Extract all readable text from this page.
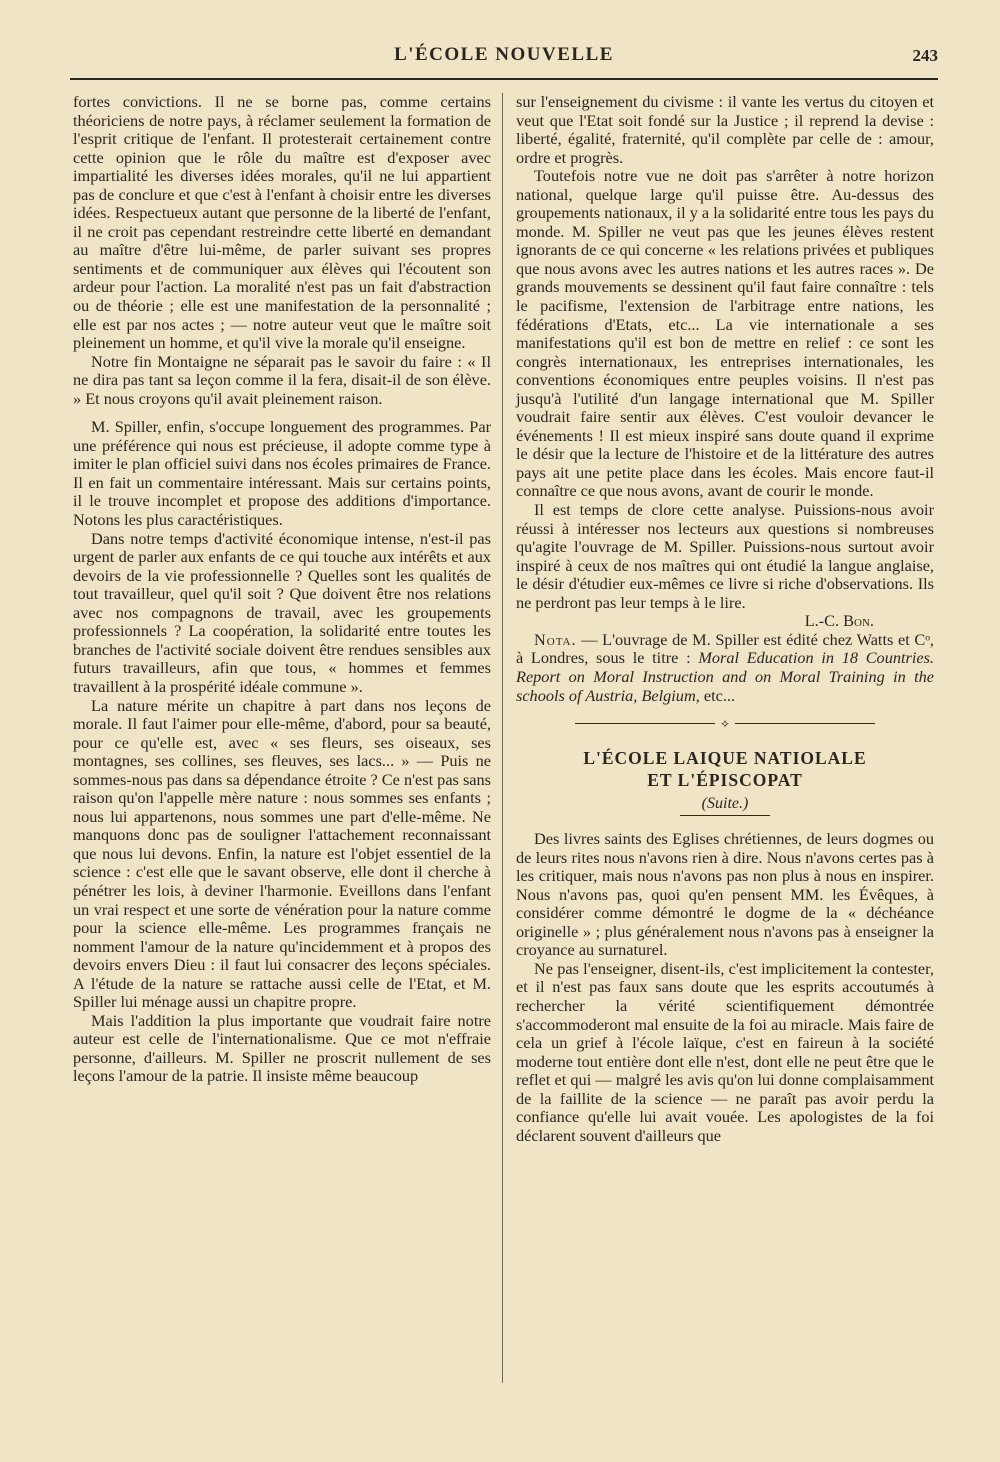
L'ÉCOLE NOUVELLE	243

fortes convictions. Il ne se borne pas, comme certains théoriciens de notre pays, à réclamer seulement la formation de l'esprit critique de l'enfant. Il protesterait certainement contre cette opinion que le rôle du maître est d'exposer avec impartialité les diverses idées morales, qu'il ne lui appartient pas de conclure et que c'est à l'enfant à choisir entre les diverses idées. Respectueux autant que personne de la liberté de l'enfant, il ne croit pas cependant restreindre cette liberté en demandant au maître d'être lui-même, de parler suivant ses propres sentiments et de communiquer aux élèves qui l'écoutent son ardeur pour l'action. La moralité n'est pas un fait d'abstraction ou de théorie ; elle est une manifestation de la personnalité ; elle est par nos actes ; — notre auteur veut que le maître soit pleinement un homme, et qu'il vive la morale qu'il enseigne.

Notre fin Montaigne ne séparait pas le savoir du faire : « Il ne dira pas tant sa leçon comme il la fera, disait-il de son élève. » Et nous croyons qu'il avait pleinement raison.

M. Spiller, enfin, s'occupe longuement des programmes. Par une préférence qui nous est précieuse, il adopte comme type à imiter le plan officiel suivi dans nos écoles primaires de France. Il en fait un commentaire intéressant. Mais sur certains points, il le trouve incomplet et propose des additions d'importance. Notons les plus caractéristiques.

Dans notre temps d'activité économique intense, n'est-il pas urgent de parler aux enfants de ce qui touche aux intérêts et aux devoirs de la vie professionnelle ? Quelles sont les qualités de tout travailleur, quel qu'il soit ? Que doivent être nos relations avec nos compagnons de travail, avec les groupements professionnels ? La coopération, la solidarité entre toutes les branches de l'activité sociale doivent être rendues sensibles aux futurs travailleurs, afin que tous, « hommes et femmes travaillent à la prospérité idéale commune ».

La nature mérite un chapitre à part dans nos leçons de morale. Il faut l'aimer pour elle-même, d'abord, pour sa beauté, pour ce qu'elle est, avec « ses fleurs, ses oiseaux, ses montagnes, ses collines, ses fleuves, ses lacs... » — Puis ne sommes-nous pas dans sa dépendance étroite ? Ce n'est pas sans raison qu'on l'appelle mère nature : nous sommes ses enfants ; nous lui appartenons, nous sommes une part d'elle-même. Ne manquons donc pas de souligner l'attachement reconnaissant que nous lui devons. Enfin, la nature est l'objet essentiel de la science : c'est elle que le savant observe, elle dont il cherche à pénétrer les lois, à deviner l'harmonie. Eveillons dans l'enfant un vrai respect et une sorte de vénération pour la nature comme pour la science elle-même. Les programmes français ne nomment l'amour de la nature qu'incidemment et à propos des devoirs envers Dieu : il faut lui consacrer des leçons spéciales. A l'étude de la nature se rattache aussi celle de l'Etat, et M. Spiller lui ménage aussi un chapitre propre.

Mais l'addition la plus importante que voudrait faire notre auteur est celle de l'internationalisme. Que ce mot n'effraie personne, d'ailleurs. M. Spiller ne proscrit nullement de ses leçons l'amour de la patrie. Il insiste même beaucoup

sur l'enseignement du civisme : il vante les vertus du citoyen et veut que l'Etat soit fondé sur la Justice ; il reprend la devise : liberté, égalité, fraternité, qu'il complète par celle de : amour, ordre et progrès.

Toutefois notre vue ne doit pas s'arrêter à notre horizon national, quelque large qu'il puisse être. Au-dessus des groupements nationaux, il y a la solidarité entre tous les pays du monde. M. Spiller ne veut pas que les jeunes élèves restent ignorants de ce qui concerne « les relations privées et publiques que nous avons avec les autres nations et les autres races ». De grands mouvements se dessinent qu'il faut faire connaître : tels le pacifisme, l'extension de l'arbitrage entre nations, les fédérations d'Etats, etc... La vie internationale a ses manifestations qu'il est bon de mettre en relief : ce sont les congrès internationaux, les entreprises internationales, les conventions économiques entre peuples voisins. Il n'est pas jusqu'à l'utilité d'un langage international que M. Spiller voudrait faire sentir aux élèves. C'est vouloir devancer le événements ! Il est mieux inspiré sans doute quand il exprime le désir que la lecture de l'histoire et de la littérature des autres pays ait une petite place dans les écoles. Mais encore faut-il connaître ce que nous avons, avant de courir le monde.

Il est temps de clore cette analyse. Puissions-nous avoir réussi à intéresser nos lecteurs aux questions si nombreuses qu'agite l'ouvrage de M. Spiller. Puissions-nous surtout avoir inspiré à ceux de nos maîtres qui ont étudié la langue anglaise, le désir d'étudier eux-mêmes ce livre si riche d'observations. Ils ne perdront pas leur temps à le lire.

L.-C. Bon.

Nota. — L'ouvrage de M. Spiller est édité chez Watts et Cᵒ, à Londres, sous le titre : Moral Education in 18 Countries. Report on Moral Instruction and on Moral Training in the schools of Austria, Belgium, etc...

⟡
L'ÉCOLE LAIQUE NATIOLALE
ET L'ÉPISCOPAT
(Suite.)

Des livres saints des Eglises chrétiennes, de leurs dogmes ou de leurs rites nous n'avons rien à dire. Nous n'avons certes pas à les critiquer, mais nous n'avons pas non plus à nous en inspirer. Nous n'avons pas, quoi qu'en pensent MM. les Évêques, à considérer comme démontré le dogme de la « déchéance originelle » ; plus généralement nous n'avons pas à enseigner la croyance au surnaturel.

Ne pas l'enseigner, disent-ils, c'est implicitement la contester, et il n'est pas faux sans doute que les esprits accoutumés à rechercher la vérité scientifiquement démontrée s'accommoderont mal ensuite de la foi au miracle. Mais faire de cela un grief à l'école laïque, c'est en faireun à la société moderne tout entière dont elle n'est, dont elle ne peut être que le reflet et qui — malgré les avis qu'on lui donne complaisamment de la faillite de la science — ne paraît pas avoir perdu la confiance qu'elle lui avait vouée. Les apologistes de la foi déclarent souvent d'ailleurs que
